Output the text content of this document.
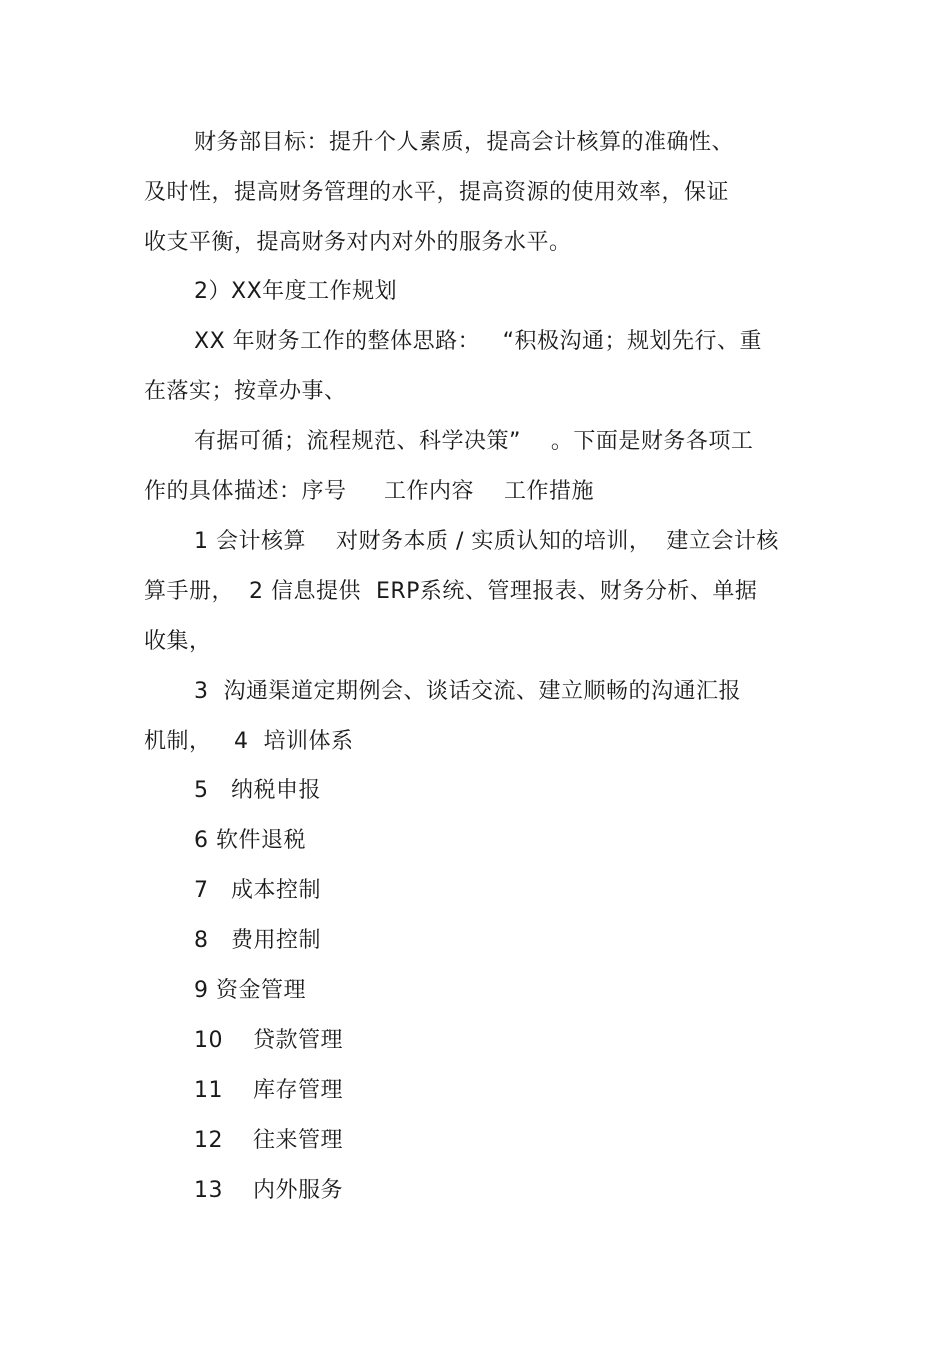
财务部目标：提升个人素质，提高会计核算的准确性、
及时性，提高财务管理的水平，提高资源的使用效率，保证
收支平衡，提高财务对内对外的服务水平。
2）XX年度工作规划
XX 年财务工作的整体思路：   “积极沟通；规划先行、重
在落实；按章办事、
有据可循；流程规范、科学决策”    。下面是财务各项工
作的具体描述：序号     工作内容    工作措施
1 会计核算    对财务本质 / 实质认知的培训，  建立会计核
算手册，  2 信息提供  ERP系统、管理报表、财务分析、单据
收集，
3  沟通渠道定期例会、谈话交流、建立顺畅的沟通汇报
机制，   4  培训体系
5   纳税申报
6 软件退税
7   成本控制
8   费用控制
9 资金管理
10    贷款管理
11    库存管理
12    往来管理
13    内外服务
